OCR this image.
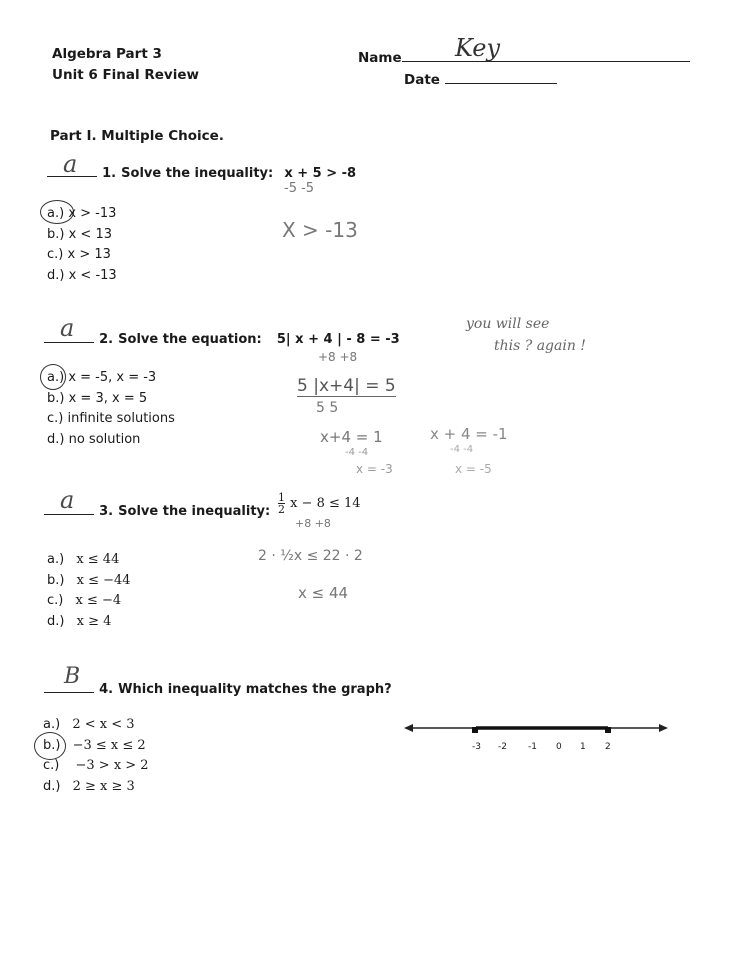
Algebra Part 3
Unit 6 Final Review
Name	Key
Date
Part I. Multiple Choice.
a 1. Solve the inequality: x + 5 > -8
a.) x > -13
b.) x < 13
c.) x > 13
d.) x < -13
-5 -5
X > -13
a 2. Solve the equation: 5| x + 4 | - 8 = -3
a.) x = -5, x = -3
b.) x = 3, x = 5
c.) infinite solutions
d.) no solution
+8 +8
5 |x+4| = 5
5 5
x+4 = 1
-4 -4
x = -3
x + 4 = -1
-4 -4
x = -5
you will see
this ? again !
a 3. Solve the inequality: $\frac{1}{2}$ x − 8 ≤ 14
+8 +8
a.) x ≤ 44
b.) x ≤ −44
c.) x ≤ −4
d.) x ≥ 4
2 · ½x ≤ 22 · 2
x ≤ 44
B
4. Which inequality matches the graph?
a.) 2 < x < 3
b.) −3 ≤ x ≤ 2
c.) −3 > x > 2
d.) 2 ≥ x ≥ 3
-3 -2 -1 0 1 2
